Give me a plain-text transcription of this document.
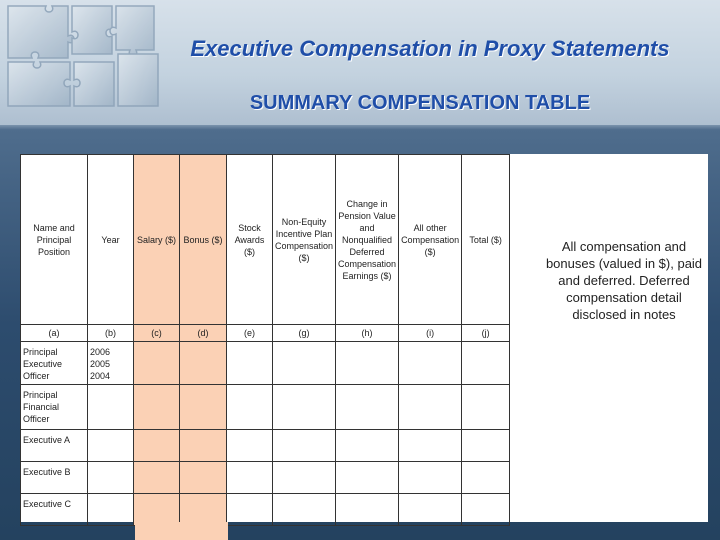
Executive Compensation in Proxy Statements
SUMMARY COMPENSATION TABLE
Name and Principal Position	Year	Salary ($)	Bonus ($)	Stock Awards ($)	Non-Equity Incentive Plan Compensation ($)	Change in Pension Value and Nonqualified Deferred Compensation Earnings ($)	All other Compensation ($)	Total ($)
(a)	(b)	(c)	(d)	(e)	(g)	(h)	(i)	(j)
Principal Executive Officer	2006 2005 2004							
Principal Financial Officer								
Executive A								
Executive B								
Executive C								
All compensation and bonuses (valued in $), paid and deferred. Deferred compensation detail disclosed in notes
